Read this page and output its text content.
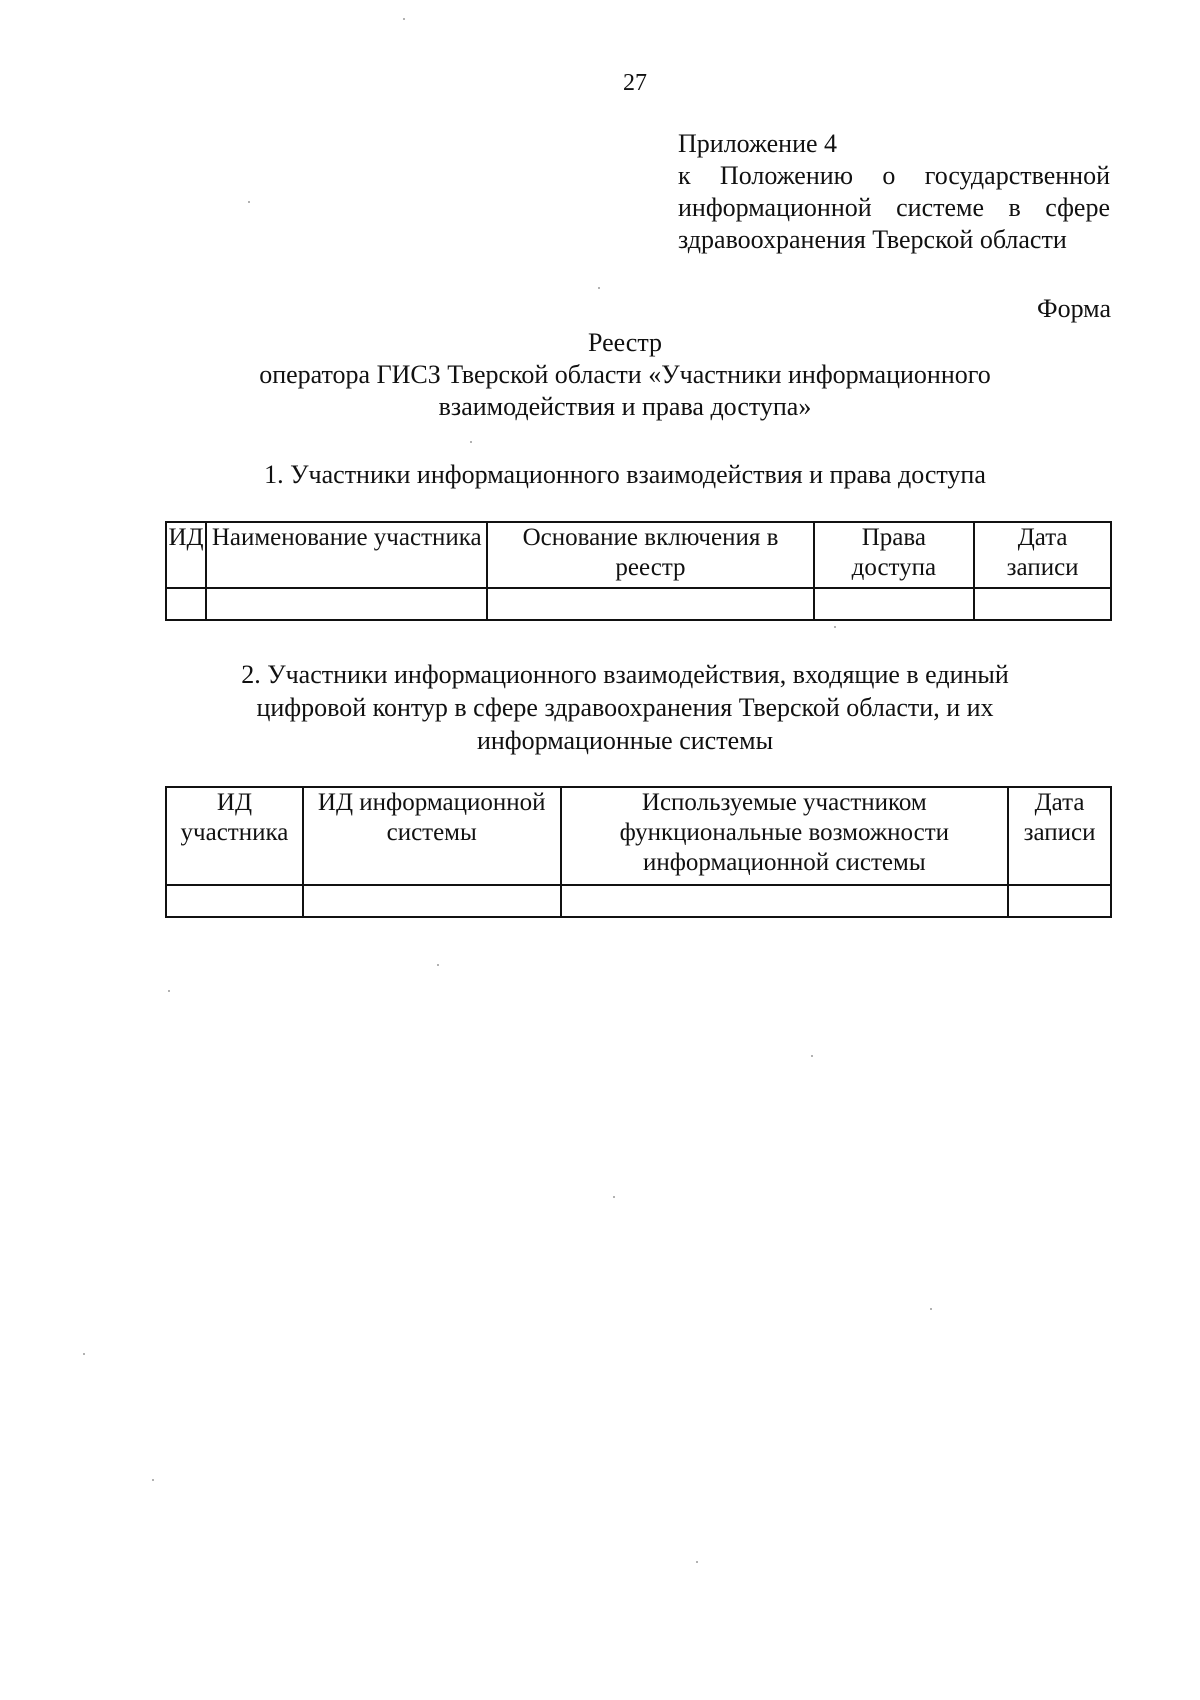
27
Приложение 4
к Положению о государственной
информационной системе в сфере
здравоохранения Тверской области
Форма
Реестр
оператора ГИСЗ Тверской области «Участники информационного
взаимодействия и права доступа»
1. Участники информационного взаимодействия и права доступа
ИД	Наименование участника	Основание включения в реестр	Права доступа	Дата записи

2. Участники информационного взаимодействия, входящие в единый
цифровой контур в сфере здравоохранения Тверской области, и их
информационные системы
ИД участника	ИД информационной системы	Используемые участником функциональные возможности информационной системы	Дата записи
